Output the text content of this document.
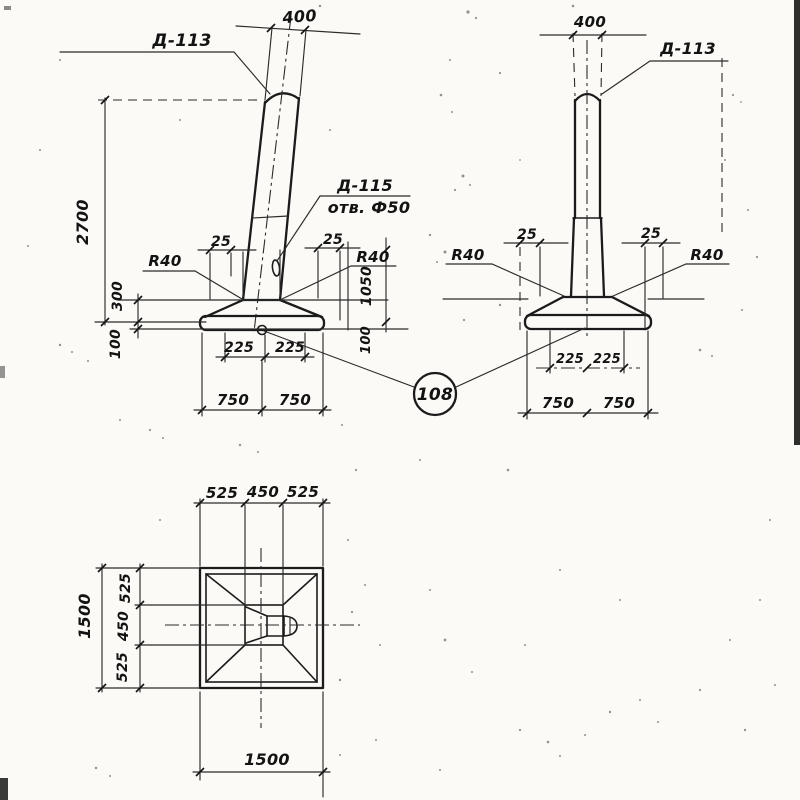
400
Д-113
Д-115
отв. Ф50
2700
300
100
25	25
R40	R40
1050
100
225 225
750 750
400
Д-113
25	25
R40	R40
225 225
750 750
108
525 450 525
1500
525
450
525
1500
